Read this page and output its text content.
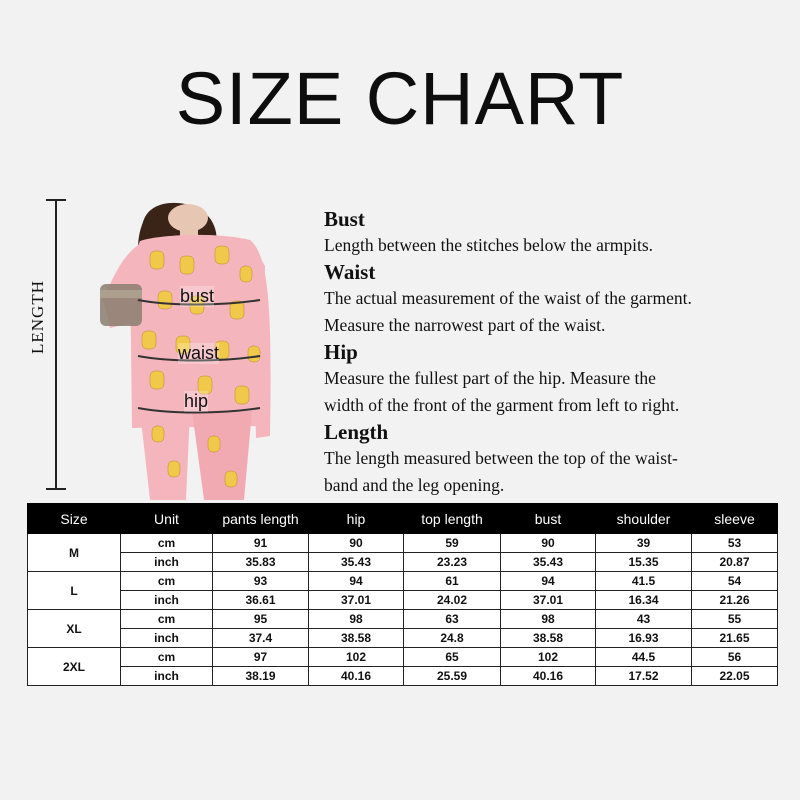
SIZE CHART
LENGTH	bust
waist
hip
Bust
Length between the stitches below the armpits.
Waist
The actual measurement of the waist of the garment.
Measure the narrowest part of the waist.
Hip
Measure the fullest part of the hip. Measure the
width of the front of the garment from left to right.
Length
The length measured between the top of the waist-
band and the leg opening.
Size	Unit	pants length	hip	top length	bust	shoulder	sleeve
M	cm	91	90	59	90	39	53
	inch	35.83	35.43	23.23	35.43	15.35	20.87
L	cm	93	94	61	94	41.5	54
	inch	36.61	37.01	24.02	37.01	16.34	21.26
XL	cm	95	98	63	98	43	55
	inch	37.4	38.58	24.8	38.58	16.93	21.65
2XL	cm	97	102	65	102	44.5	56
	inch	38.19	40.16	25.59	40.16	17.52	22.05
